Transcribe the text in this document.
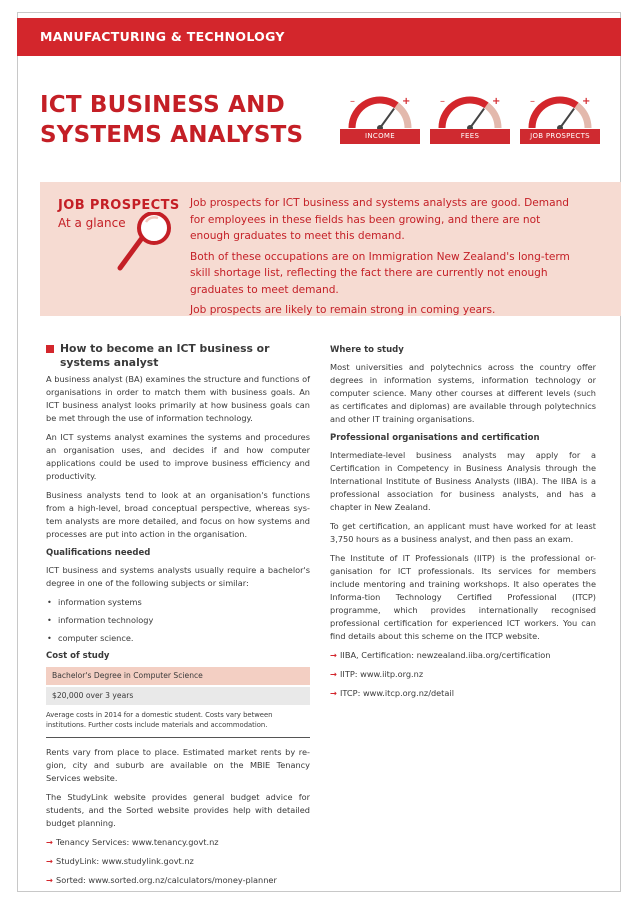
MANUFACTURING & TECHNOLOGY
ICT BUSINESS AND
SYSTEMS ANALYSTS
–	+
INCOME
–	+
FEES
–	+
JOB PROSPECTS
JOB PROSPECTS
At a glance

Job prospects for ICT business and systems analysts are good. Demand for employees in these fields has been growing, and there are not enough graduates to meet this demand.

Both of these occupations are on Immigration New Zealand's long-term skill shortage list, reflecting the fact there are currently not enough graduates to meet demand.

Job prospects are likely to remain strong in coming years.

How to become an ICT business or systems analyst

A business analyst (BA) examines the structure and functions of organisations in order to match them with business goals. An ICT business analyst looks primarily at how business goals can be met through the use of information technology.

An ICT systems analyst examines the systems and procedures an organisation uses, and decides if and how computer applications could be used to improve business efficiency and productivity.

Business analysts tend to look at an organisation's functions from a high-level, broad conceptual perspective, whereas sys-tem analysts are more detailed, and focus on how systems and processes are put into action in the organisation.

Qualifications needed

ICT business and systems analysts usually require a bachelor's degree in one of the following subjects or similar:

• information systems
• information technology
• computer science.
Cost of study
Bachelor's Degree in Computer Science
$20,000 over 3 years
Average costs in 2014 for a domestic student. Costs vary between institutions. Further costs include materials and accommodation.

Rents vary from place to place. Estimated market rents by re-gion, city and suburb are available on the MBIE Tenancy Services website.

The StudyLink website provides general budget advice for students, and the Sorted website provides help with detailed budget planning.

→ Tenancy Services: www.tenancy.govt.nz
→ StudyLink: www.studylink.govt.nz
→ Sorted: www.sorted.org.nz/calculators/money-planner
Where to study

Most universities and polytechnics across the country offer degrees in information systems, information technology or computer science. Many other courses at different levels (such as certificates and diplomas) are available through polytechnics and other IT training organisations.

Professional organisations and certification

Intermediate-level business analysts may apply for a Certification in Competency in Business Analysis through the International Institute of Business Analysts (IIBA). The IIBA is a professional association for business analysts, and has a chapter in New Zealand.

To get certification, an applicant must have worked for at least 3,750 hours as a business analyst, and then pass an exam.

The Institute of IT Professionals (IITP) is the professional or-ganisation for ICT professionals. Its services for members include mentoring and training workshops. It also operates the Informa-tion Technology Certified Professional (ITCP) programme, which provides internationally recognised professional certification for experienced ICT workers. You can find details about this scheme on the ITCP website.

→ IIBA, Certification: newzealand.iiba.org/certification
→ IITP: www.iitp.org.nz
→ ITCP: www.itcp.org.nz/detail
